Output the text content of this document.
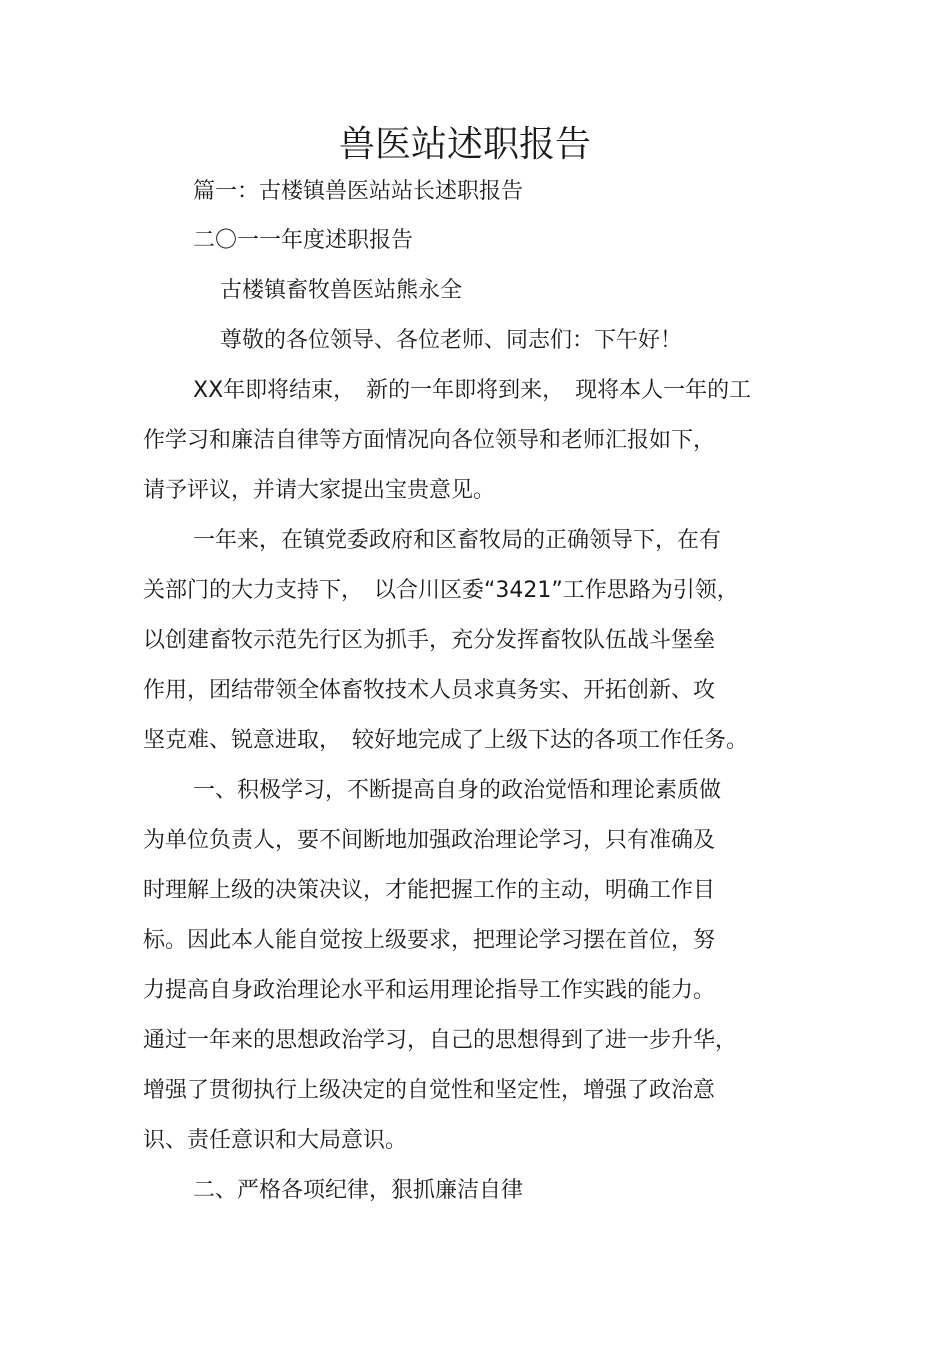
兽医站述职报告
篇一：古楼镇兽医站站长述职报告
二〇一一年度述职报告
古楼镇畜牧兽医站熊永全
尊敬的各位领导、各位老师、同志们：下午好！
XX年即将结束，　新的一年即将到来，　现将本人一年的工
作学习和廉洁自律等方面情况向各位领导和老师汇报如下，
请予评议，并请大家提出宝贵意见。
一年来，在镇党委政府和区畜牧局的正确领导下，在有
关部门的大力支持下，　以合川区委“3421”工作思路为引领，
以创建畜牧示范先行区为抓手，充分发挥畜牧队伍战斗堡垒
作用，团结带领全体畜牧技术人员求真务实、开拓创新、攻
坚克难、锐意进取，　较好地完成了上级下达的各项工作任务。
一、积极学习，不断提高自身的政治觉悟和理论素质做
为单位负责人，要不间断地加强政治理论学习，只有准确及
时理解上级的决策决议，才能把握工作的主动，明确工作目
标。因此本人能自觉按上级要求，把理论学习摆在首位，努
力提高自身政治理论水平和运用理论指导工作实践的能力。
通过一年来的思想政治学习，自己的思想得到了进一步升华，
增强了贯彻执行上级决定的自觉性和坚定性，增强了政治意
识、责任意识和大局意识。
二、严格各项纪律，狠抓廉洁自律
